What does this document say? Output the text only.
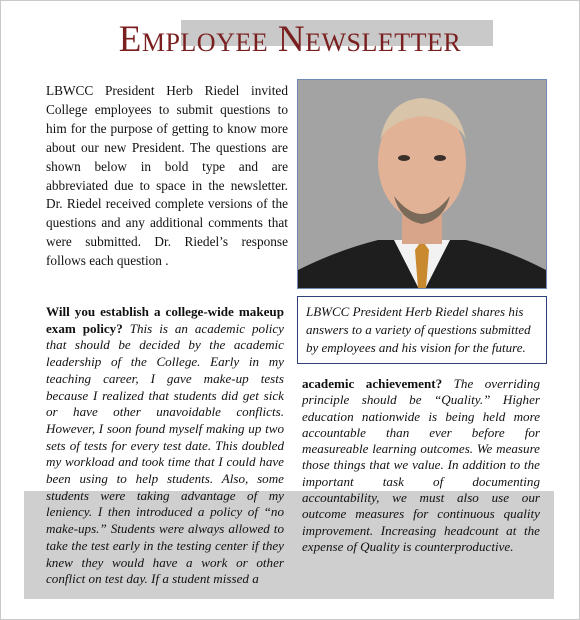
Employee Newsletter
LBWCC President Herb Riedel invited College employees to submit questions to him for the purpose of getting to know more about our new President. The questions are shown below in bold type and are abbreviated due to space in the newsletter. Dr. Riedel received complete versions of the questions and any additional comments that were submitted. Dr. Riedel’s response follows each question .
LBWCC President Herb Riedel shares his answers to a variety of questions submitted by employees and his vision for the future.
Will you establish a college-wide makeup exam policy? This is an academic policy that should be decided by the academic leadership of the College. Early in my teaching career, I gave make-up tests because I realized that students did get sick or have other unavoidable conflicts. However, I soon found myself making up two sets of tests for every test date. This doubled my workload and took time that I could have been using to help students. Also, some students were taking advantage of my leniency. I then introduced a policy of “no make-ups.” Students were always allowed to take the test early in the testing center if they knew they would have a work or other conflict on test day. If a student missed a
academic achievement? The overriding principle should be “Quality.” Higher education nationwide is being held more accountable than ever before for measureable learning outcomes. We measure those things that we value. In addition to the important task of documenting accountability, we must also use our outcome measures for continuous quality improvement. Increasing headcount at the expense of Quality is counterproductive.
